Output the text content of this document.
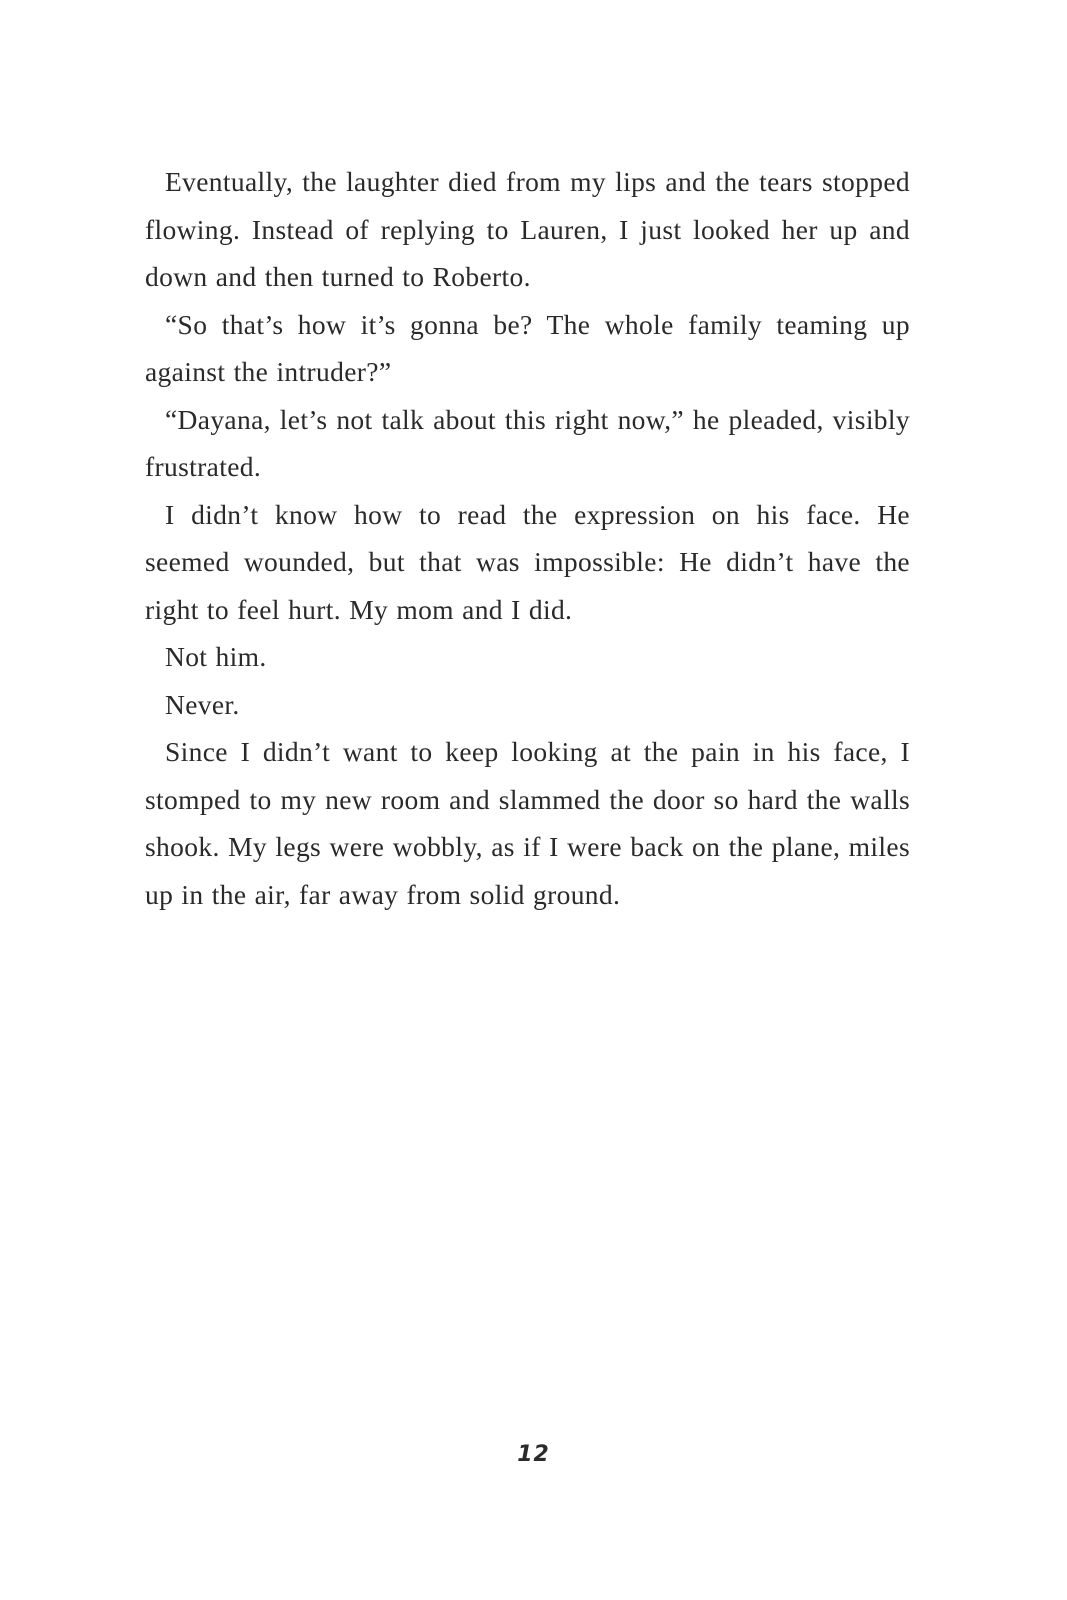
Eventually, the laughter died from my lips and the tears stopped flowing. Instead of replying to Lauren, I just looked her up and down and then turned to Roberto.

“So that’s how it’s gonna be? The whole family teaming up against the intruder?”

“Dayana, let’s not talk about this right now,” he pleaded, visibly frustrated.

I didn’t know how to read the expression on his face. He seemed wounded, but that was impossible: He didn’t have the right to feel hurt. My mom and I did.

Not him.

Never.

Since I didn’t want to keep looking at the pain in his face, I stomped to my new room and slammed the door so hard the walls shook. My legs were wobbly, as if I were back on the plane, miles up in the air, far away from solid ground.

12
